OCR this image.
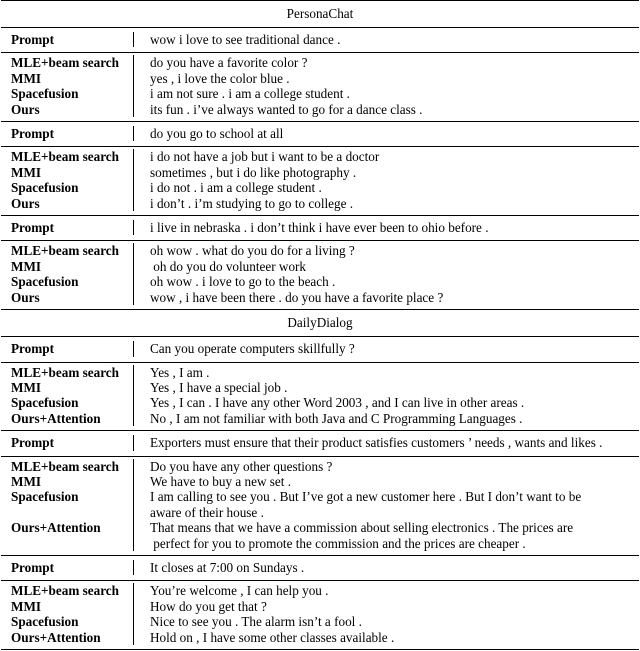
PersonaChat
Prompt	wow i love to see traditional dance .
MLE+beam search	do you have a favorite color ?
MMI	yes , i love the color blue .
Spacefusion	i am not sure . i am a college student .
Ours	its fun . i’ve always wanted to go for a dance class .
Prompt	do you go to school at all
MLE+beam search	i do not have a job but i want to be a doctor
MMI	sometimes , but i do like photography .
Spacefusion	i do not . i am a college student .
Ours	i don’t . i’m studying to go to college .
Prompt	i live in nebraska . i don’t think i have ever been to ohio before .
MLE+beam search	oh wow . what do you do for a living ?
MMI	oh do you do volunteer work
Spacefusion	oh wow . i love to go to the beach .
Ours	wow , i have been there . do you have a favorite place ?
DailyDialog
Prompt	Can you operate computers skillfully ?
MLE+beam search	Yes , I am .
MMI	Yes , I have a special job .
Spacefusion	Yes , I can . I have any other Word 2003 , and I can live in other areas .
Ours+Attention	No , I am not familiar with both Java and C Programming Languages .
Prompt	Exporters must ensure that their product satisfies customers ’ needs , wants and likes .
MLE+beam search	Do you have any other questions ?
MMI	We have to buy a new set .
Spacefusion	I am calling to see you . But I’ve got a new customer here . But I don’t want to be
aware of their house .
Ours+Attention	That means that we have a commission about selling electronics . The prices are
perfect for you to promote the commission and the prices are cheaper .
Prompt	It closes at 7:00 on Sundays .
MLE+beam search	You’re welcome , I can help you .
MMI	How do you get that ?
Spacefusion	Nice to see you . The alarm isn’t a fool .
Ours+Attention	Hold on , I have some other classes available .
